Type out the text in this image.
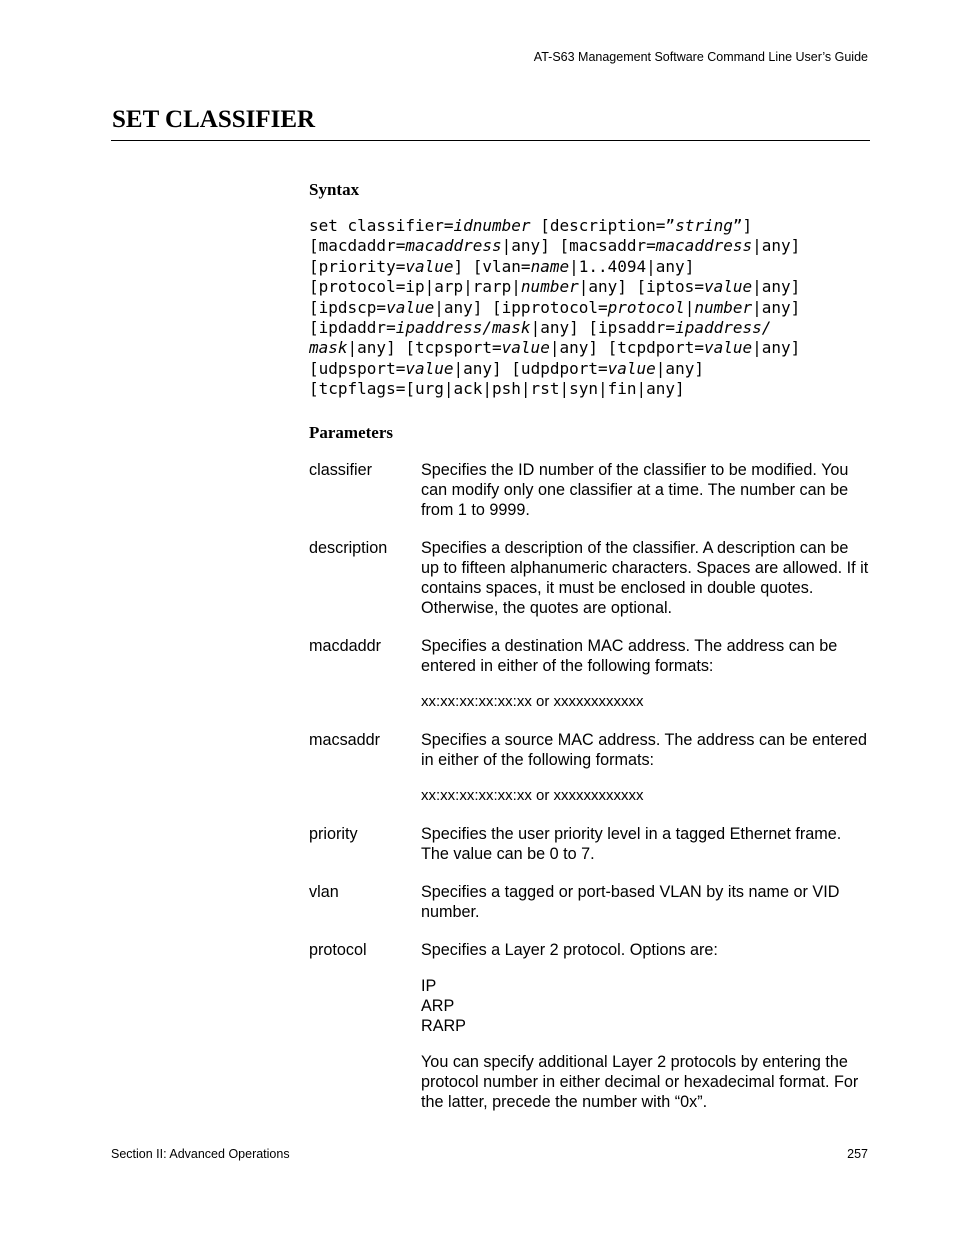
AT-S63 Management Software Command Line User’s Guide
SET CLASSIFIER
Syntax
set classifier=idnumber [description=”string”]
[macdaddr=macaddress|any] [macsaddr=macaddress|any]
[priority=value] [vlan=name|1..4094|any]
[protocol=ip|arp|rarp|number|any] [iptos=value|any]
[ipdscp=value|any] [ipprotocol=protocol|number|any]
[ipdaddr=ipaddress/mask|any] [ipsaddr=ipaddress/
mask|any] [tcpsport=value|any] [tcpdport=value|any]
[udpsport=value|any] [udpdport=value|any]
[tcpflags=[urg|ack|psh|rst|syn|fin|any]
Parameters
classifier	Specifies the ID number of the classifier to be modified. You can modify only one classifier at a time. The number can be from 1 to 9999.

description	Specifies a description of the classifier. A description can be up to fifteen alphanumeric characters. Spaces are allowed. If it contains spaces, it must be enclosed in double quotes. Otherwise, the quotes are optional.

macdaddr	Specifies a destination MAC address. The address can be entered in either of the following formats:

xx:xx:xx:xx:xx:xx or xxxxxxxxxxxx

macsaddr	Specifies a source MAC address. The address can be entered in either of the following formats:

xx:xx:xx:xx:xx:xx or xxxxxxxxxxxx

priority	Specifies the user priority level in a tagged Ethernet frame. The value can be 0 to 7.

vlan	Specifies a tagged or port-based VLAN by its name or VID number.

protocol	Specifies a Layer 2 protocol. Options are:

IP
ARP
RARP

You can specify additional Layer 2 protocols by entering the protocol number in either decimal or hexadecimal format. For the latter, precede the number with “0x”.

Section II: Advanced Operations	257
